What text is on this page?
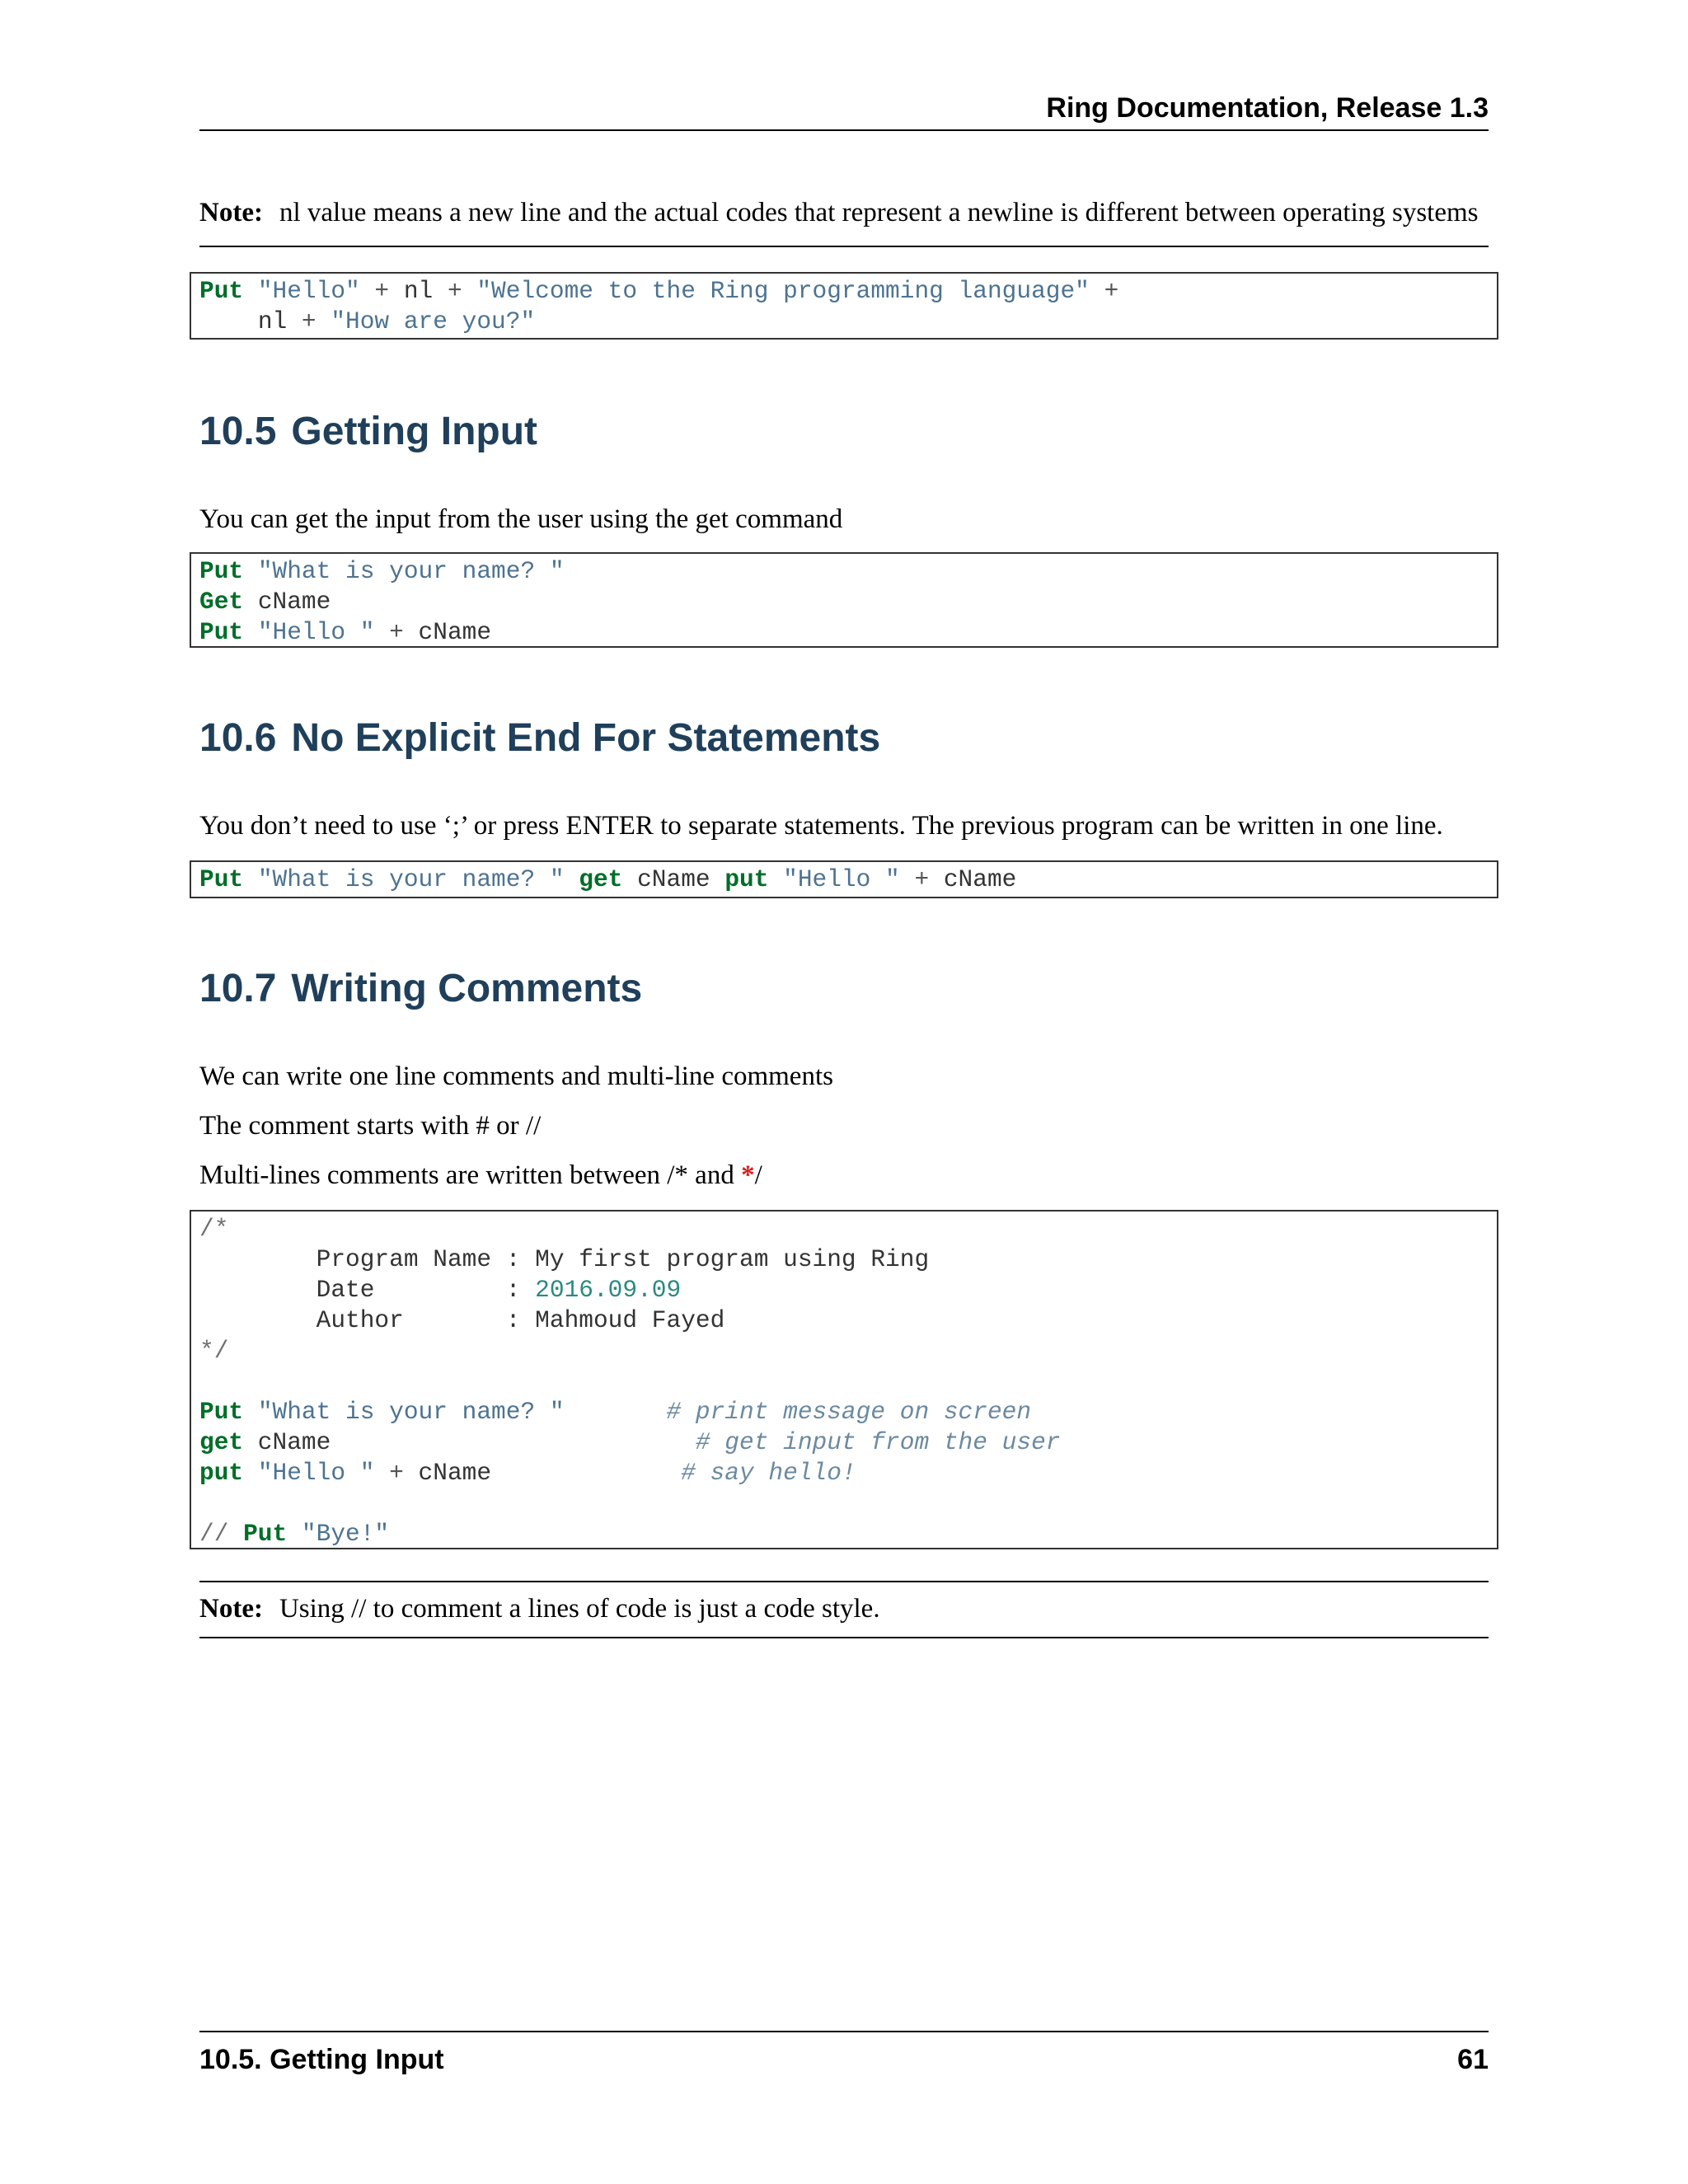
Ring Documentation, Release 1.3
Note: nl value means a new line and the actual codes that represent a newline is different between operating systems
Put "Hello" + nl + "Welcome to the Ring programming language" +
nl + "How are you?"
10.5 Getting Input
You can get the input from the user using the get command
Put "What is your name? "
Get cName
Put "Hello " + cName
10.6 No Explicit End For Statements
You don’t need to use ‘;’ or press ENTER to separate statements. The previous program can be written in one line.
Put "What is your name? " get cName put "Hello " + cName
10.7 Writing Comments
We can write one line comments and multi-line comments
The comment starts with # or //
Multi-lines comments are written between /* and */
/*
Program Name : My first program using Ring
Date         : 2016.09.09
Author       : Mahmoud Fayed
*/
Put "What is your name? "	# print message on screen
get cName	# get input from the user
put "Hello " + cName	# say hello!
// Put "Bye!"
Note: Using // to comment a lines of code is just a code style.
10.5. Getting Input	61
